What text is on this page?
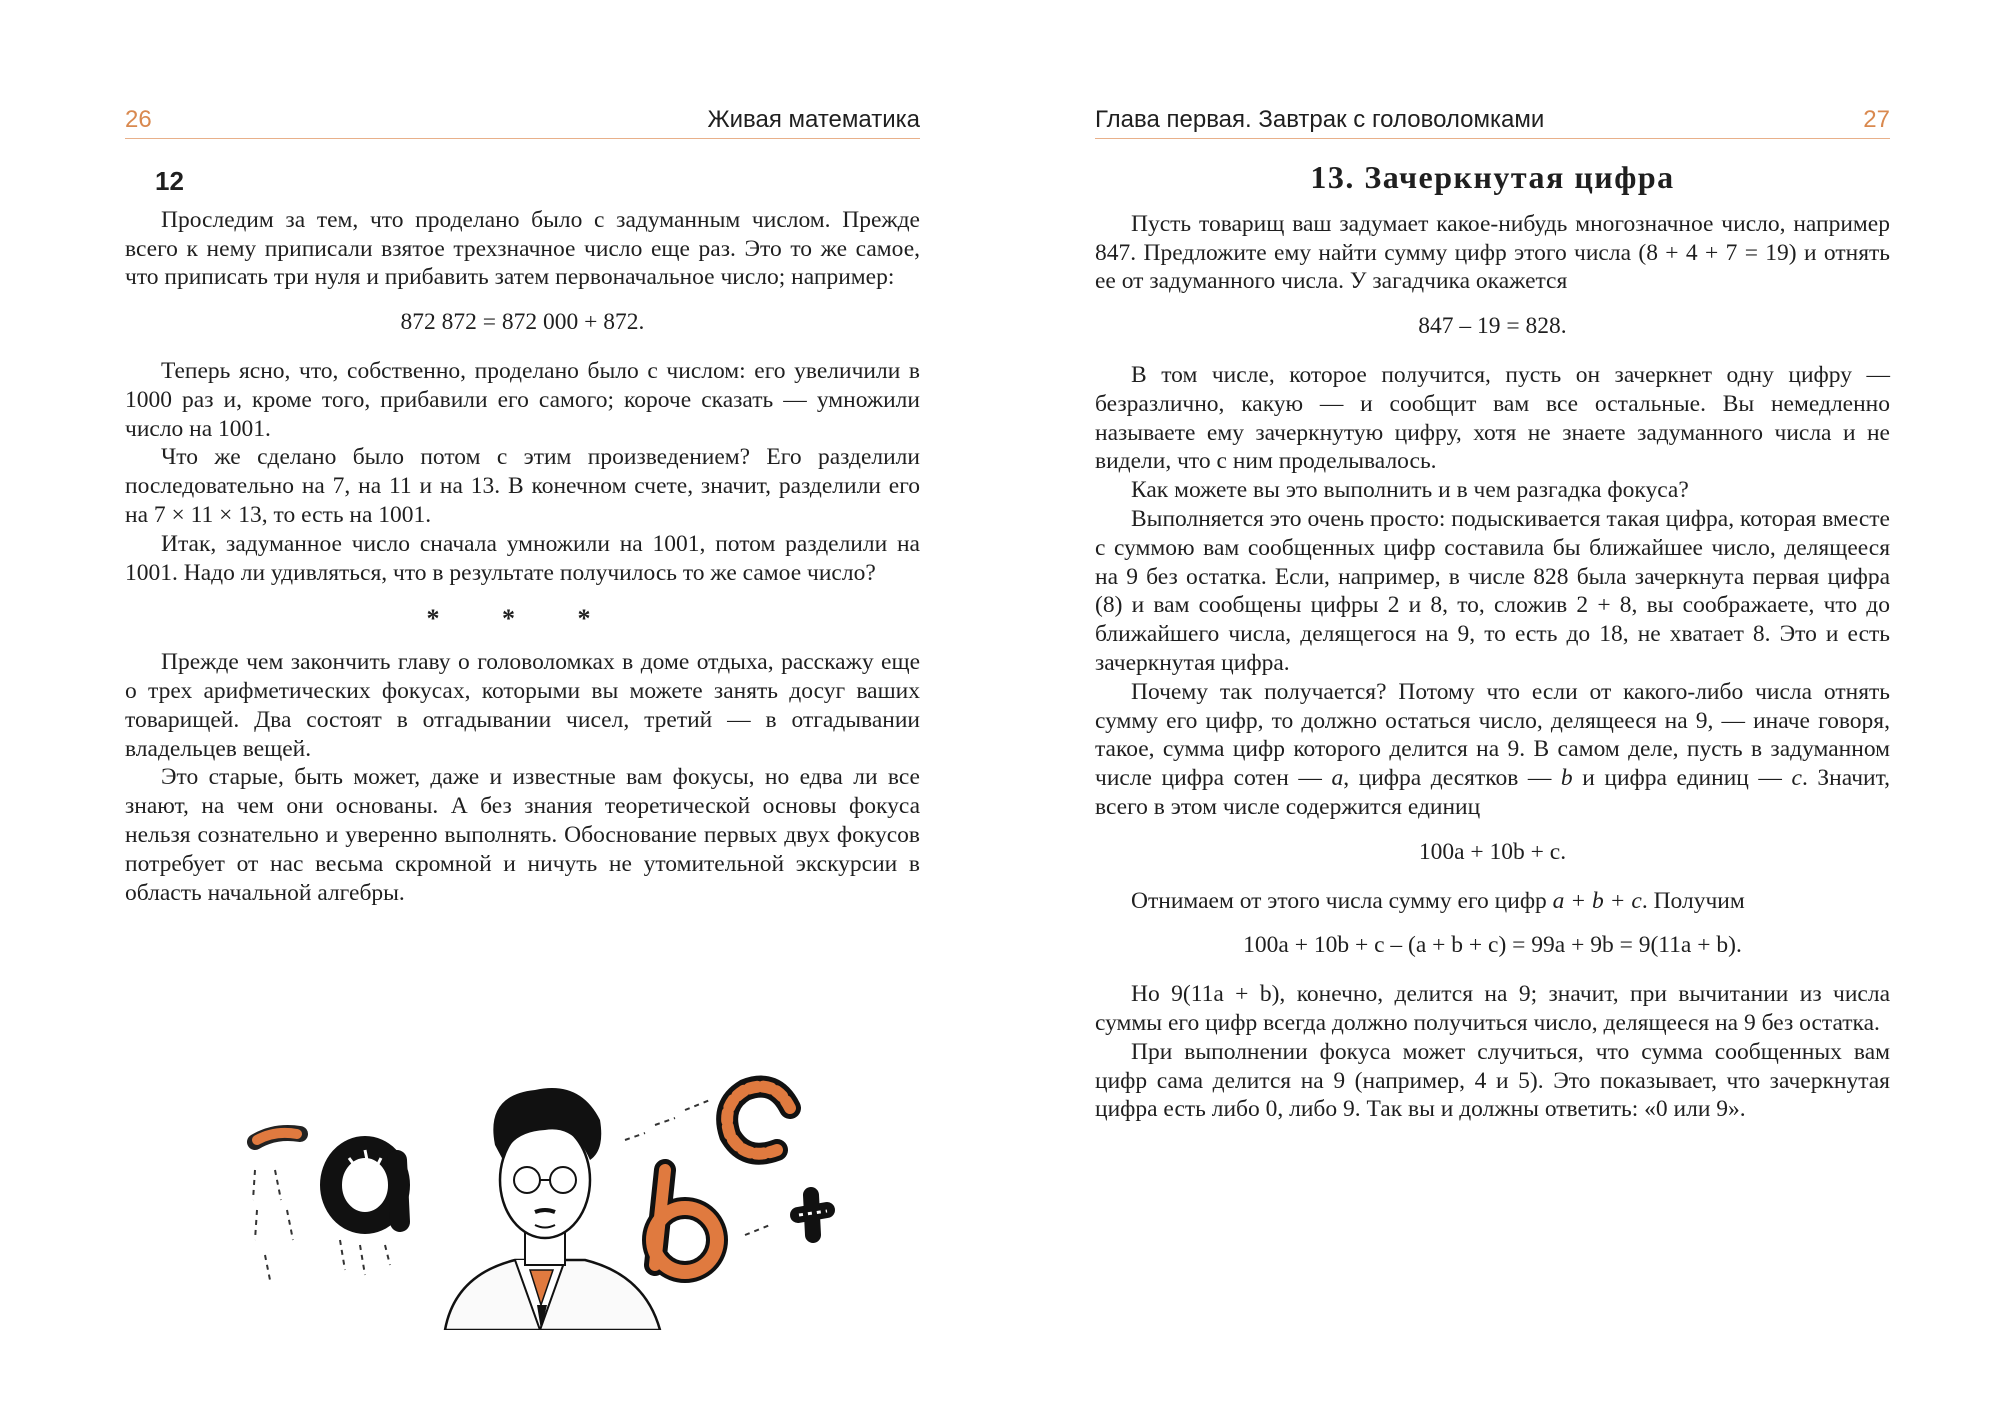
26	Живая математика
12

Проследим за тем, что проделано было с задуманным числом. Прежде всего к нему приписали взятое трехзначное число еще раз. Это то же самое, что приписать три нуля и прибавить затем первоначальное число; например:

872 872 = 872 000 + 872.

Теперь ясно, что, собственно, проделано было с числом: его увеличили в 1000 раз и, кроме того, прибавили его самого; короче сказать — умножили число на 1001.

Что же сделано было потом с этим произведением? Его разделили последовательно на 7, на 11 и на 13. В конечном счете, значит, разделили его на 7 × 11 × 13, то есть на 1001.

Итак, задуманное число сначала умножили на 1001, потом разделили на 1001. Надо ли удивляться, что в результате получилось то же самое число?

* * *

Прежде чем закончить главу о головоломках в доме отдыха, расскажу еще о трех арифметических фокусах, которыми вы можете занять досуг ваших товарищей. Два состоят в отгадывании чисел, третий — в отгадывании владельцев вещей.

Это старые, быть может, даже и известные вам фокусы, но едва ли все знают, на чем они основаны. А без знания теоретической основы фокуса нельзя сознательно и уверенно выполнять. Обоснование первых двух фокусов потребует от нас весьма скромной и ничуть не утомительной экскурсии в область начальной алгебры.

a
b
c
Глава первая. Завтрак с головоломками	27
13. Зачеркнутая цифра

Пусть товарищ ваш задумает какое-нибудь многозначное число, например 847. Предложите ему найти сумму цифр этого числа (8 + 4 + 7 = 19) и отнять ее от задуманного числа. У загадчика окажется

847 – 19 = 828.

В том числе, которое получится, пусть он зачеркнет одну цифру — безразлично, какую — и сообщит вам все остальные. Вы немедленно называете ему зачеркнутую цифру, хотя не знаете задуманного числа и не видели, что с ним проделывалось.

Как можете вы это выполнить и в чем разгадка фокуса?

Выполняется это очень просто: подыскивается такая цифра, которая вместе с суммою вам сообщенных цифр составила бы ближайшее число, делящееся на 9 без остатка. Если, например, в числе 828 была зачеркнута первая цифра (8) и вам сообщены цифры 2 и 8, то, сложив 2 + 8, вы соображаете, что до ближайшего числа, делящегося на 9, то есть до 18, не хватает 8. Это и есть зачеркнутая цифра.

Почему так получается? Потому что если от какого-либо числа отнять сумму его цифр, то должно остаться число, делящееся на 9, — иначе говоря, такое, сумма цифр которого делится на 9. В самом деле, пусть в задуманном числе цифра сотен — a, цифра десятков — b и цифра единиц — c. Значит, всего в этом числе содержится единиц

100a + 10b + c.

Отнимаем от этого числа сумму его цифр a + b + c. Получим

100a + 10b + c – (a + b + c) = 99a + 9b = 9(11a + b).

Но 9(11a + b), конечно, делится на 9; значит, при вычитании из числа суммы его цифр всегда должно получиться число, делящееся на 9 без остатка.

При выполнении фокуса может случиться, что сумма сообщенных вам цифр сама делится на 9 (например, 4 и 5). Это показывает, что зачеркнутая цифра есть либо 0, либо 9. Так вы и должны ответить: «0 или 9».
